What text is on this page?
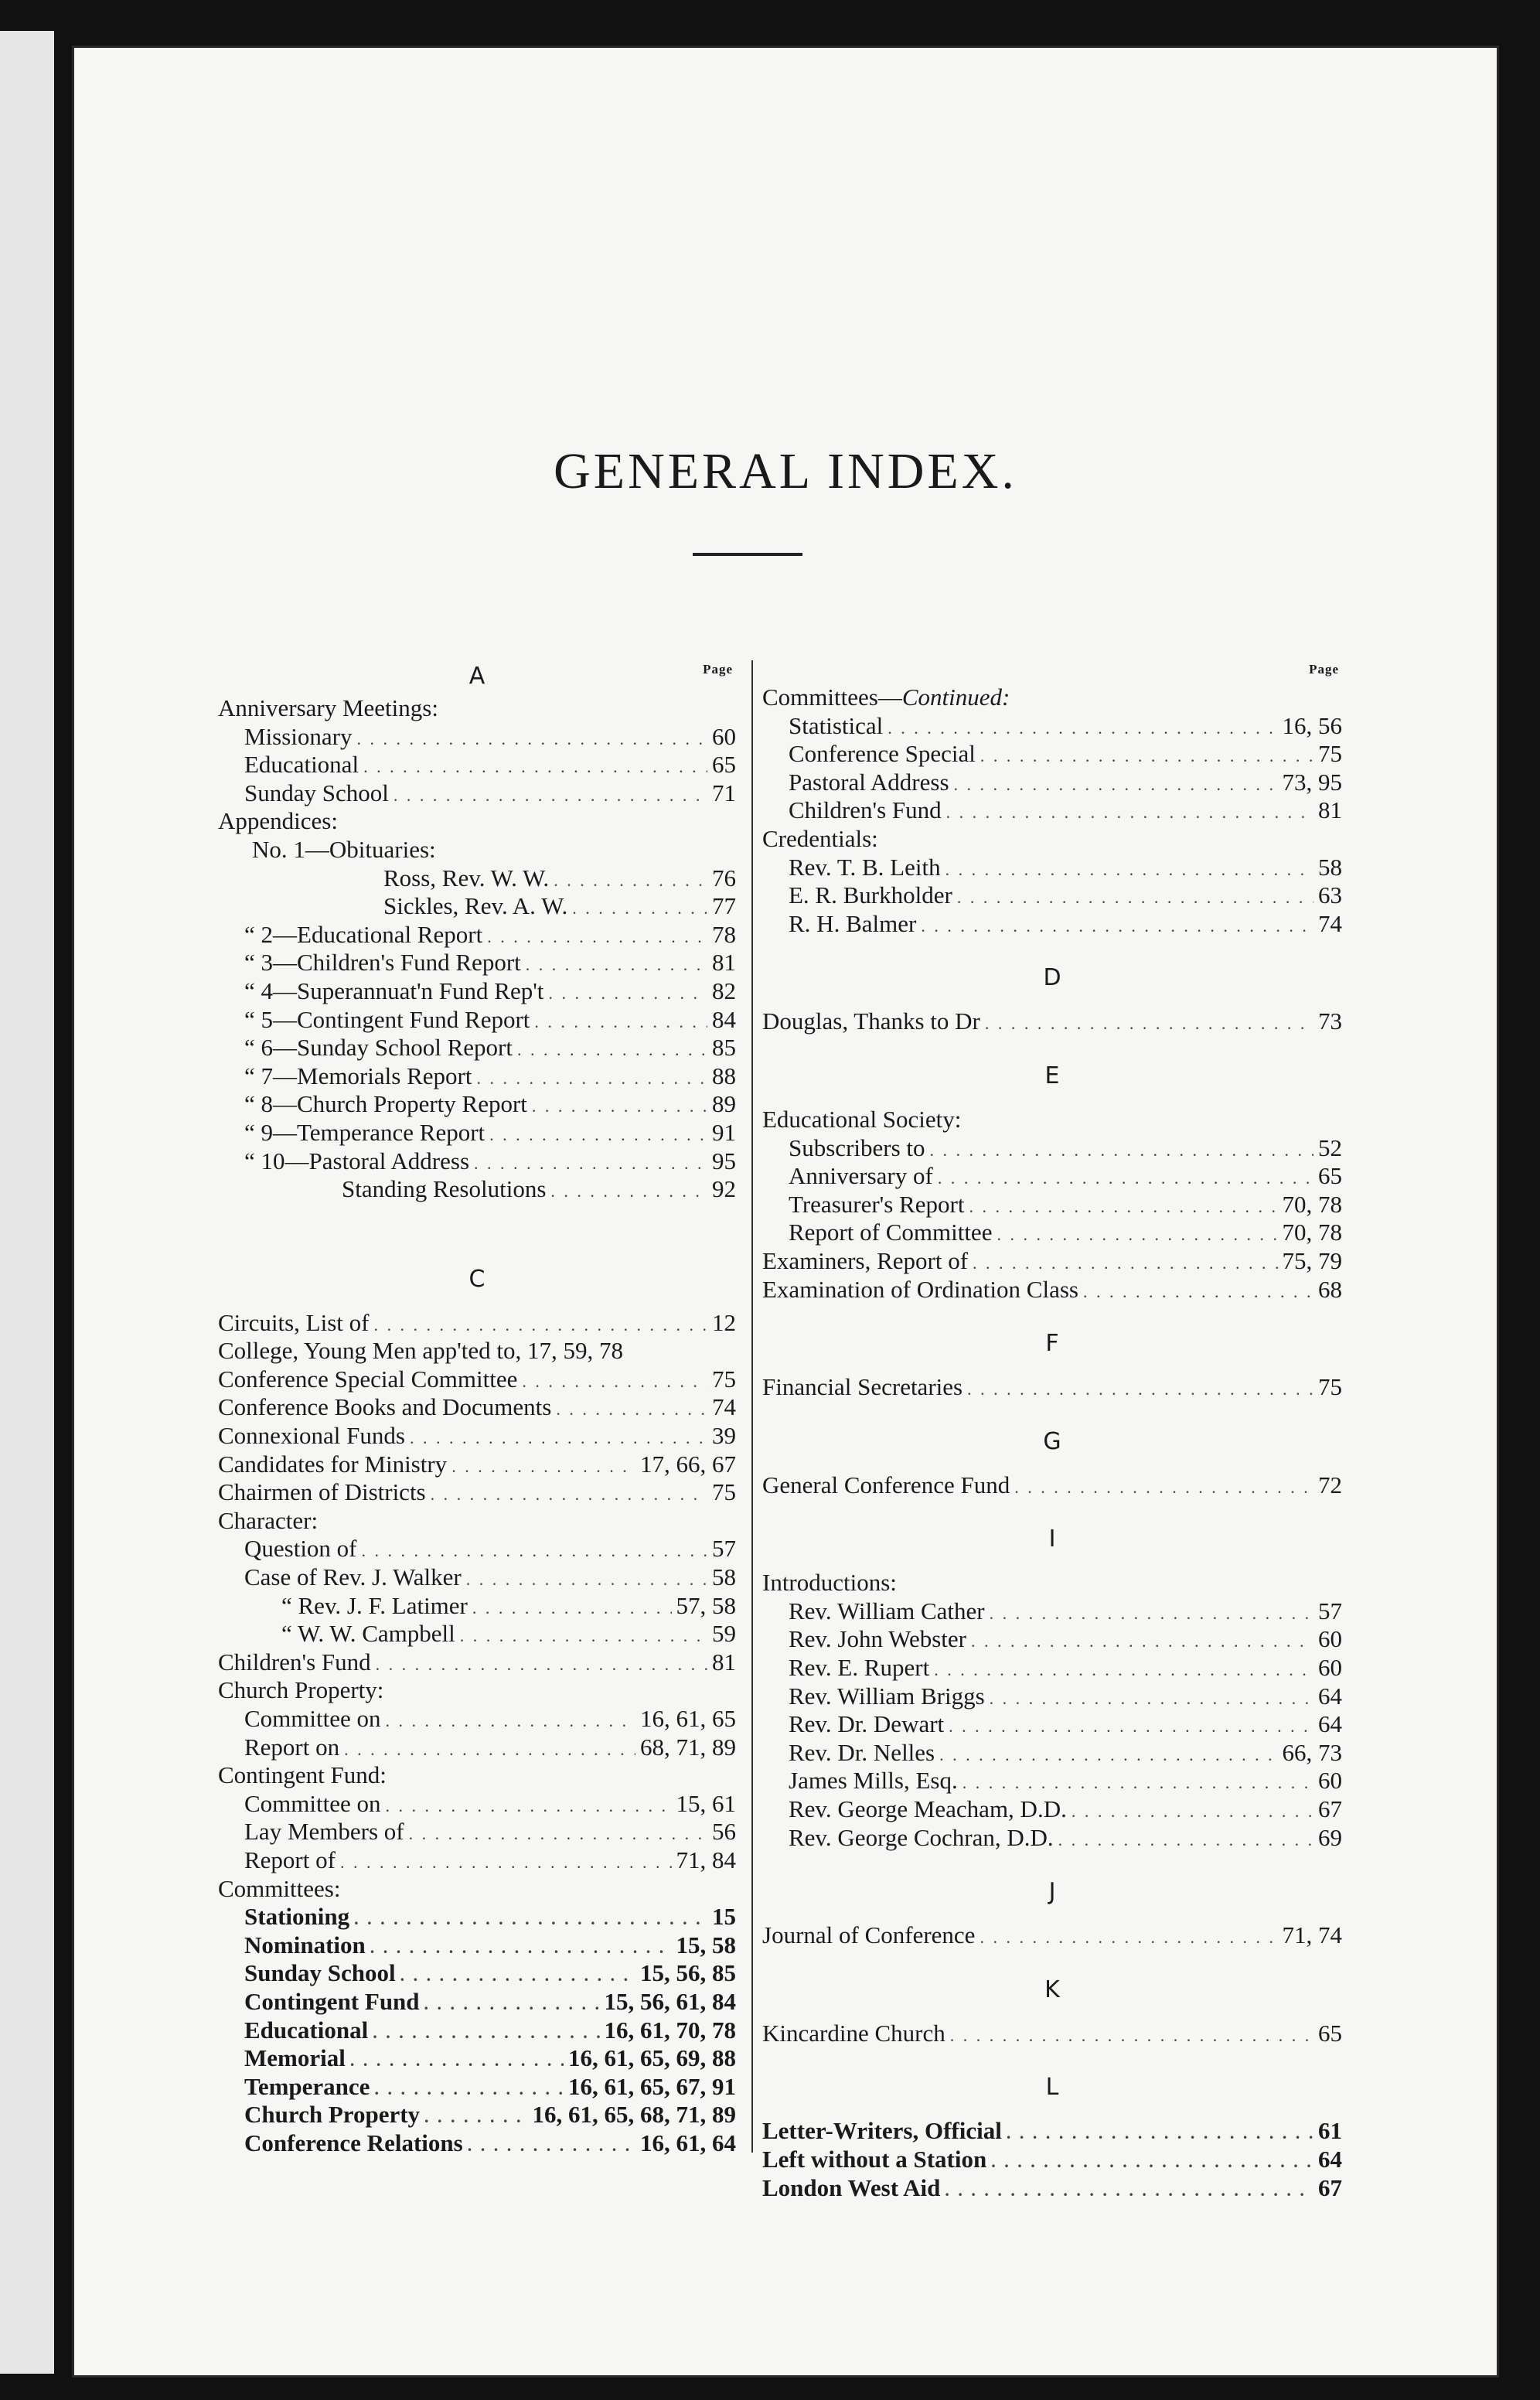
GENERAL INDEX.
A	Page
Anniversary Meetings:
Missionary . . .	60
Educational . . .	65
Sunday School . . .	71
Appendices:
No. 1—Obituaries:
Ross, Rev. W. W. . . .	76
Sickles, Rev. A. W. . . .	77
“ 2—Educational Report . . .	78
“ 3—Children's Fund Report . . .	81
“ 4—Superannuat'n Fund Rep't . . .	82
“ 5—Contingent Fund Report . . .	84
“ 6—Sunday School Report . . .	85
“ 7—Memorials Report . . .	88
“ 8—Church Property Report . . .	89
“ 9—Temperance Report . . .	91
“ 10—Pastoral Address . . .	95
Standing Resolutions . . .	92
C
Circuits, List of . . .	12
College, Young Men app'ted to, 17, 59, 78
Conference Special Committee . . .	75
Conference Books and Documents . . .	74
Connexional Funds . . .	39
Candidates for Ministry . . .	17, 66, 67
Chairmen of Districts . . .	75
Character:
Question of . . .	57
Case of Rev. J. Walker . . .	58
“ Rev. J. F. Latimer . . .	57, 58
“ W. W. Campbell . . .	59
Children's Fund . . .	81
Church Property:
Committee on . . .	16, 61, 65
Report on . . .	68, 71, 89
Contingent Fund:
Committee on . . .	15, 61
Lay Members of . . .	56
Report of . . .	71, 84
Committees:
Stationing . . .	15
Nomination . . .	15, 58
Sunday School . . .	15, 56, 85
Contingent Fund . . .	15, 56, 61, 84
Educational . . .	16, 61, 70, 78
Memorial . . .	16, 61, 65, 69, 88
Temperance . . .	16, 61, 65, 67, 91
Church Property . . .	16, 61, 65, 68, 71, 89
Conference Relations . . .	16, 61, 64
Page
Committees— Continued:
Statistical . . .	16, 56
Conference Special . . .	75
Pastoral Address . . .	73, 95
Children's Fund . . .	81
Credentials:
Rev. T. B. Leith . . .	58
E. R. Burkholder . . .	63
R. H. Balmer . . .	74
D
Douglas, Thanks to Dr . . .	73
E
Educational Society:
Subscribers to . . .	52
Anniversary of . . .	65
Treasurer's Report . . .	70, 78
Report of Committee . . .	70, 78
Examiners, Report of . . .	75, 79
Examination of Ordination Class . . .	68
F
Financial Secretaries . . .	75
G
General Conference Fund . . .	72
I
Introductions:
Rev. William Cather . . .	57
Rev. John Webster . . .	60
Rev. E. Rupert . . .	60
Rev. William Briggs . . .	64
Rev. Dr. Dewart . . .	64
Rev. Dr. Nelles . . .	66, 73
James Mills, Esq. . . .	60
Rev. George Meacham, D.D. . . .	67
Rev. George Cochran, D.D. . . .	69
J
Journal of Conference . . .	71, 74
K
Kincardine Church . . .	65
L
Letter-Writers, Official . . .	61
Left without a Station . . .	64
London West Aid . . .	67
